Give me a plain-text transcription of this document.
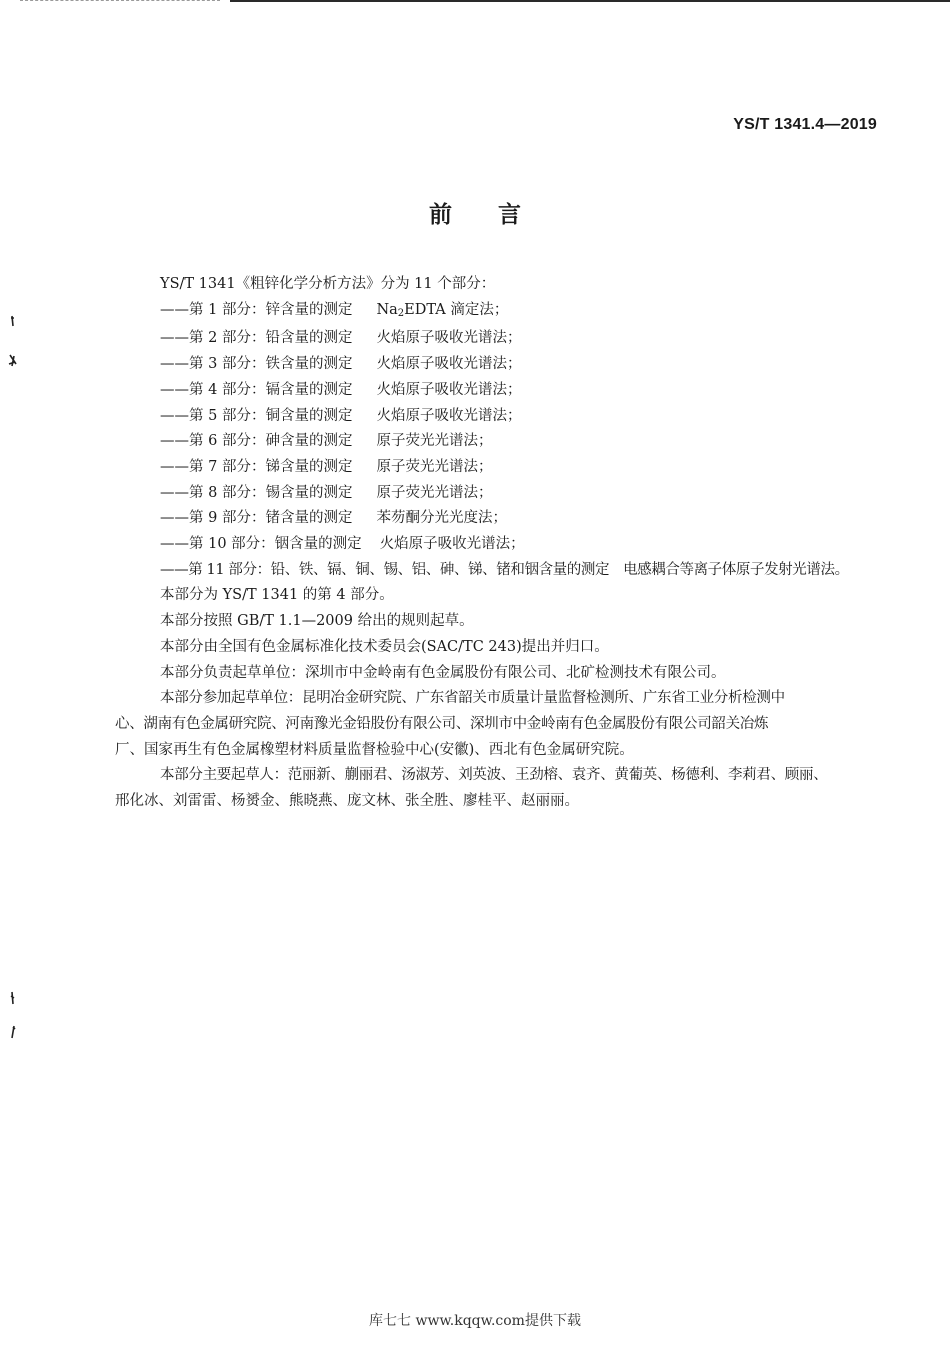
YS/T 1341.4—2019
前言
YS/T 1341《粗锌化学分析方法》分为 11 个部分：
——第 1 部分：锌含量的测定 $Na_2EDTA$ 滴定法；
——第 2 部分：铅含量的测定 火焰原子吸收光谱法；
——第 3 部分：铁含量的测定 火焰原子吸收光谱法；
——第 4 部分：镉含量的测定 火焰原子吸收光谱法；
——第 5 部分：铜含量的测定 火焰原子吸收光谱法；
——第 6 部分：砷含量的测定 原子荧光光谱法；
——第 7 部分：锑含量的测定 原子荧光光谱法；
——第 8 部分：锡含量的测定 原子荧光光谱法；
——第 9 部分：锗含量的测定 苯芴酮分光光度法；
——第 10 部分：铟含量的测定 火焰原子吸收光谱法；
——第 11 部分：铅、铁、镉、铜、锡、铝、砷、锑、锗和铟含量的测定 电感耦合等离子体原子发射光谱法。
本部分为 YS/T 1341 的第 4 部分。
本部分按照 GB/T 1.1—2009 给出的规则起草。
本部分由全国有色金属标准化技术委员会(SAC/TC 243)提出并归口。
本部分负责起草单位：深圳市中金岭南有色金属股份有限公司、北矿检测技术有限公司。
本部分参加起草单位：昆明冶金研究院、广东省韶关市质量计量监督检测所、广东省工业分析检测中
心、湖南有色金属研究院、河南豫光金铅股份有限公司、深圳市中金岭南有色金属股份有限公司韶关冶炼
厂、国家再生有色金属橡塑材料质量监督检验中心(安徽)、西北有色金属研究院。
本部分主要起草人：范丽新、蒯丽君、汤淑芳、刘英波、王劲榕、袁齐、黄葡英、杨德利、李莉君、顾丽、
邢化冰、刘雷雷、杨赟金、熊晓燕、庞文林、张全胜、廖桂平、赵丽丽。
库七七 www.kqqw.com提供下载
